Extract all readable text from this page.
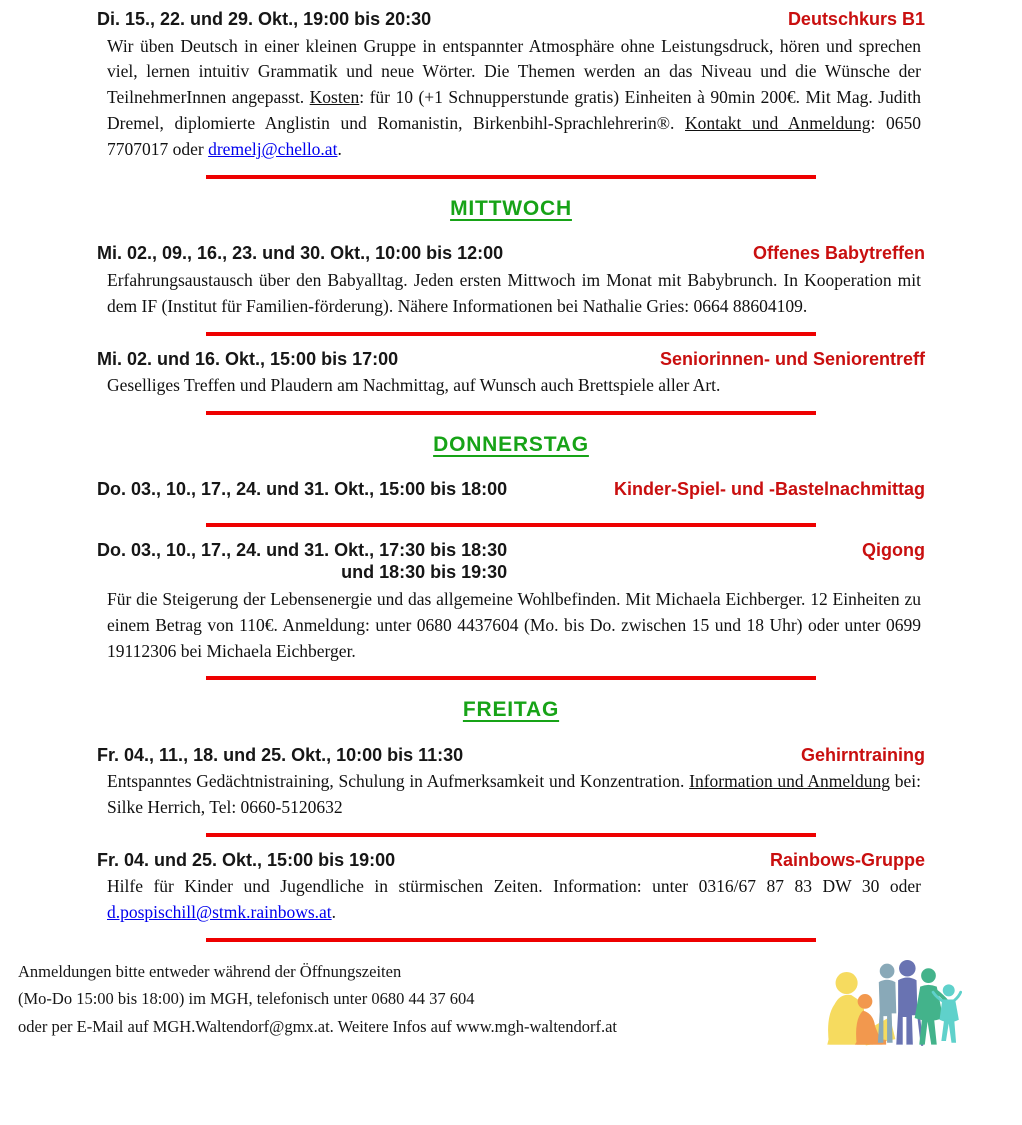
Di. 15., 22. und 29. Okt., 19:00 bis 20:30	Deutschkurs B1

Wir üben Deutsch in einer kleinen Gruppe in entspannter Atmosphäre ohne Leistungsdruck, hören und sprechen viel, lernen intuitiv Grammatik und neue Wörter. Die Themen werden an das Niveau und die Wünsche der TeilnehmerInnen angepasst. Kosten: für 10 (+1 Schnupperstunde gratis) Einheiten à 90min 200€. Mit Mag. Judith Dremel, diplomierte Anglistin und Romanistin, Birkenbihl-Sprachlehrerin®. Kontakt und Anmeldung: 0650 7707017 oder dremelj@chello.at.

MITTWOCH
Mi. 02., 09., 16., 23. und 30. Okt., 10:00 bis 12:00	Offenes Babytreffen

Erfahrungsaustausch über den Babyalltag. Jeden ersten Mittwoch im Monat mit Babybrunch. In Kooperation mit dem IF (Institut für Familien-förderung). Nähere Informationen bei Nathalie Gries: 0664 88604109.

Mi. 02. und 16. Okt., 15:00 bis 17:00	Seniorinnen- und Seniorentreff

Geselliges Treffen und Plaudern am Nachmittag, auf Wunsch auch Brettspiele aller Art.

DONNERSTAG
Do. 03., 10., 17., 24. und 31. Okt., 15:00 bis 18:00	Kinder-Spiel- und -Bastelnachmittag
Do. 03., 10., 17., 24. und 31. Okt., 17:30 bis 18:30
und 18:30 bis 19:30
Qigong

Für die Steigerung der Lebensenergie und das allgemeine Wohlbefinden. Mit Michaela Eichberger. 12 Einheiten zu einem Betrag von 110€. Anmeldung: unter 0680 4437604 (Mo. bis Do. zwischen 15 und 18 Uhr) oder unter 0699 19112306 bei Michaela Eichberger.

FREITAG
Fr. 04., 11., 18. und 25. Okt., 10:00 bis 11:30	Gehirntraining

Entspanntes Gedächtnistraining, Schulung in Aufmerksamkeit und Konzentration. Information und Anmeldung bei: Silke Herrich, Tel: 0660-5120632

Fr. 04. und 25. Okt., 15:00 bis 19:00	Rainbows-Gruppe

Hilfe für Kinder und Jugendliche in stürmischen Zeiten. Information: unter 0316/67 87 83 DW 30 oder d.pospischill@stmk.rainbows.at.

Anmeldungen bitte entweder während der Öffnungszeiten
(Mo-Do 15:00 bis 18:00) im MGH, telefonisch unter 0680 44 37 604
oder per E-Mail auf MGH.Waltendorf@gmx.at. Weitere Infos auf www.mgh-waltendorf.at
